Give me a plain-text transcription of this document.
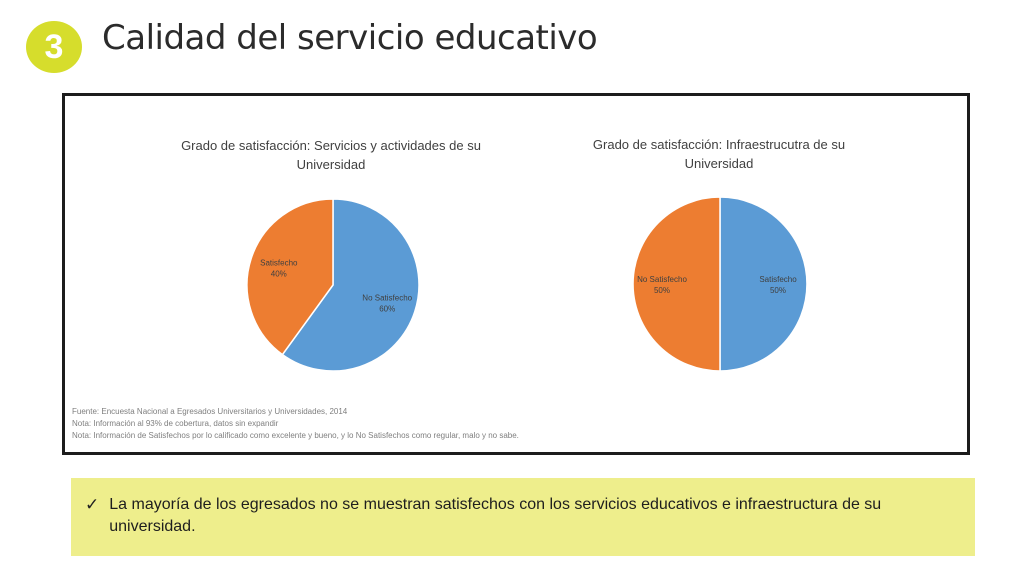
3 Calidad del servicio educativo
Grado de satisfacción: Servicios y actividades de su Universidad
Grado de satisfacción: Infraestrucutra de su Universidad
No Satisfecho
60%
Satisfecho
40%
Satisfecho
50%
No Satisfecho
50%
Fuente: Encuesta Nacional a Egresados Universitarios y Universidades, 2014
Nota: Información al 93% de cobertura, datos sin expandir
Nota: Información de Satisfechos por lo calificado como excelente y bueno, y lo No Satisfechos como regular, malo y no sabe.
✓ La mayoría de los egresados no se muestran satisfechos con los servicios educativos e infraestructura de su universidad.
